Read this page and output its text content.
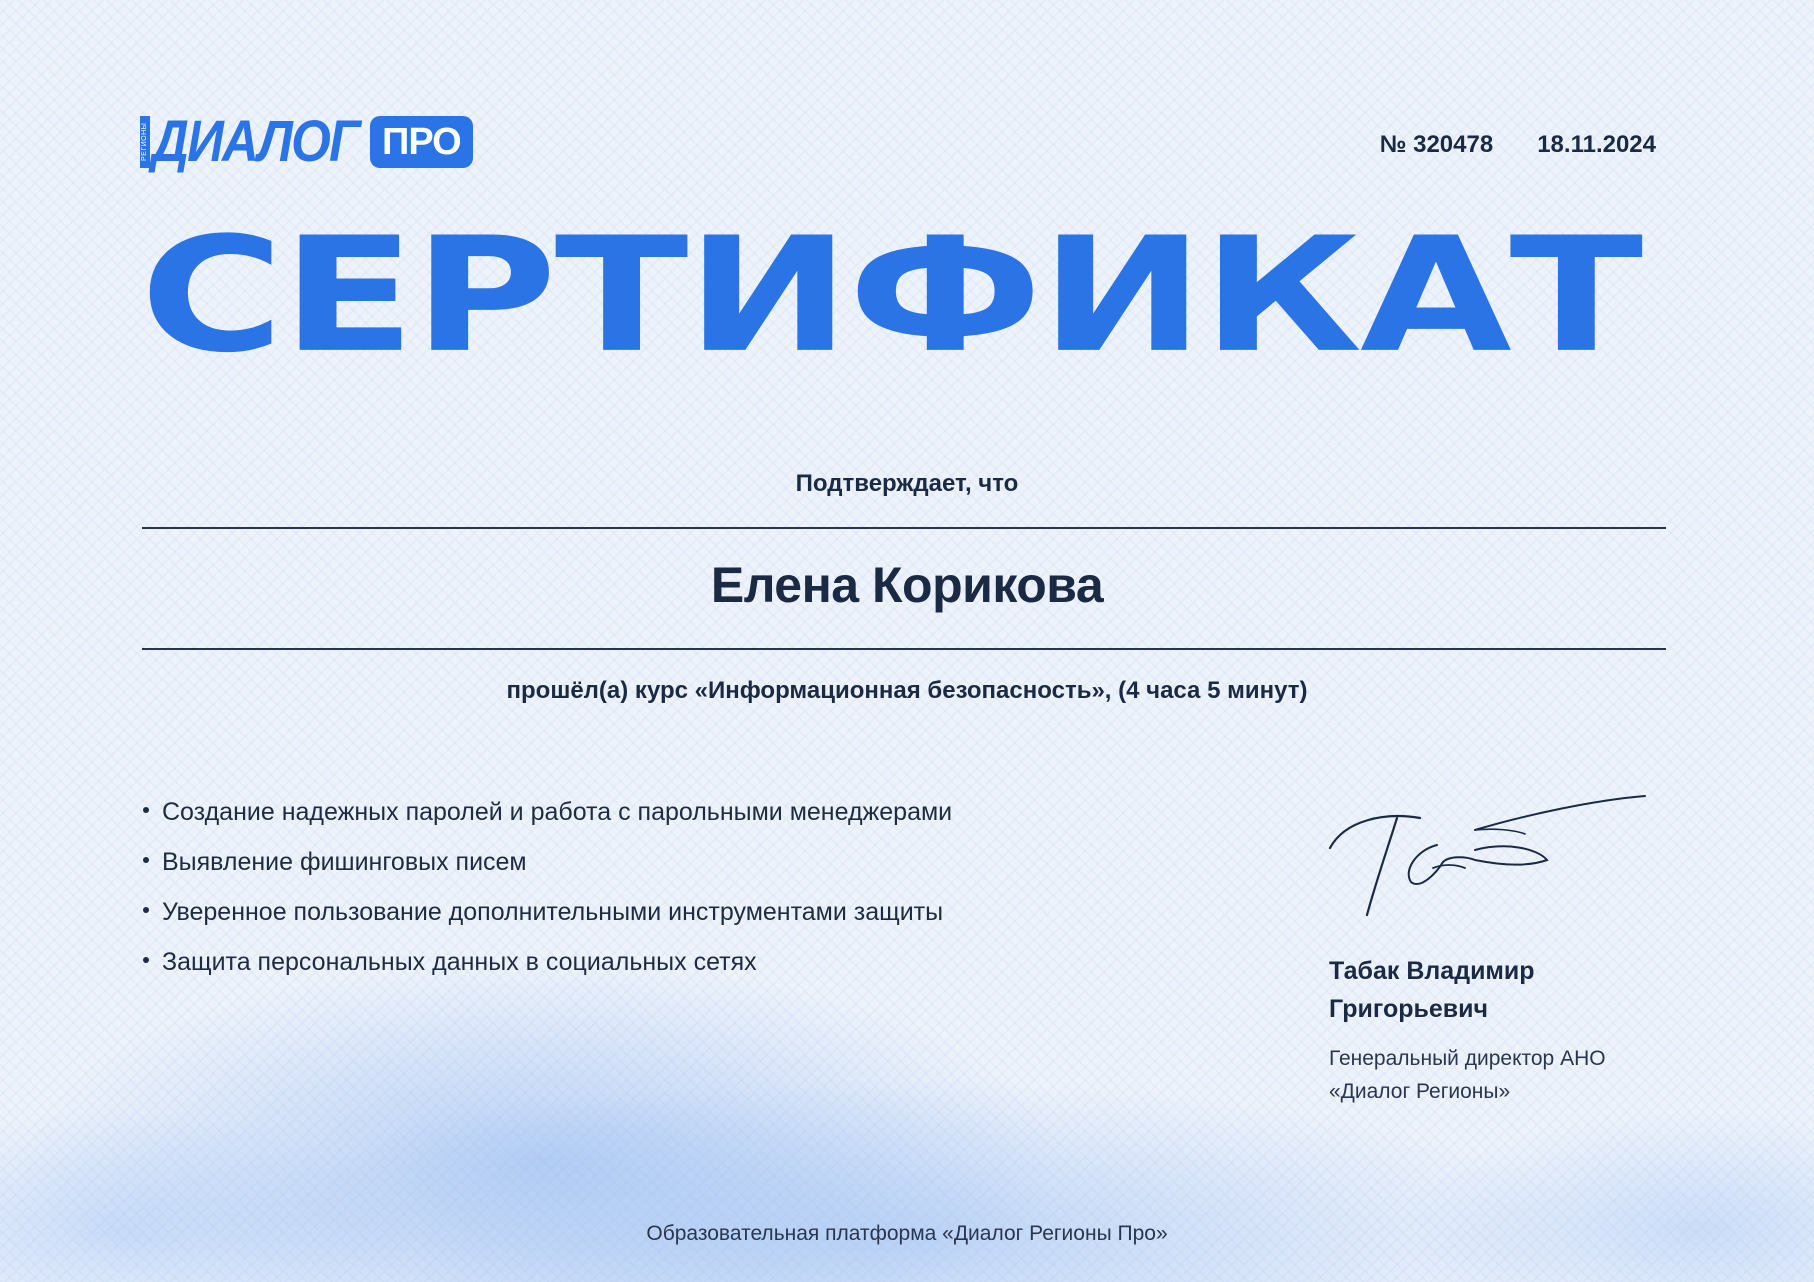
РЕГИОНЫ ДИАЛОГ ПРО	№ 320478 18.11.2024
СЕРТИФИКАТ
Подтверждает, что
Елена Корикова
прошёл(а) курс «Информационная безопасность», (4 часа 5 минут)
Создание надежных паролей и работа с парольными менеджерами
Выявление фишинговых писем
Уверенное пользование дополнительными инструментами защиты
Защита персональных данных в социальных сетях	Табак Владимир
Григорьевич
Генеральный директор АНО
«Диалог Регионы»
Образовательная платформа «Диалог Регионы Про»
